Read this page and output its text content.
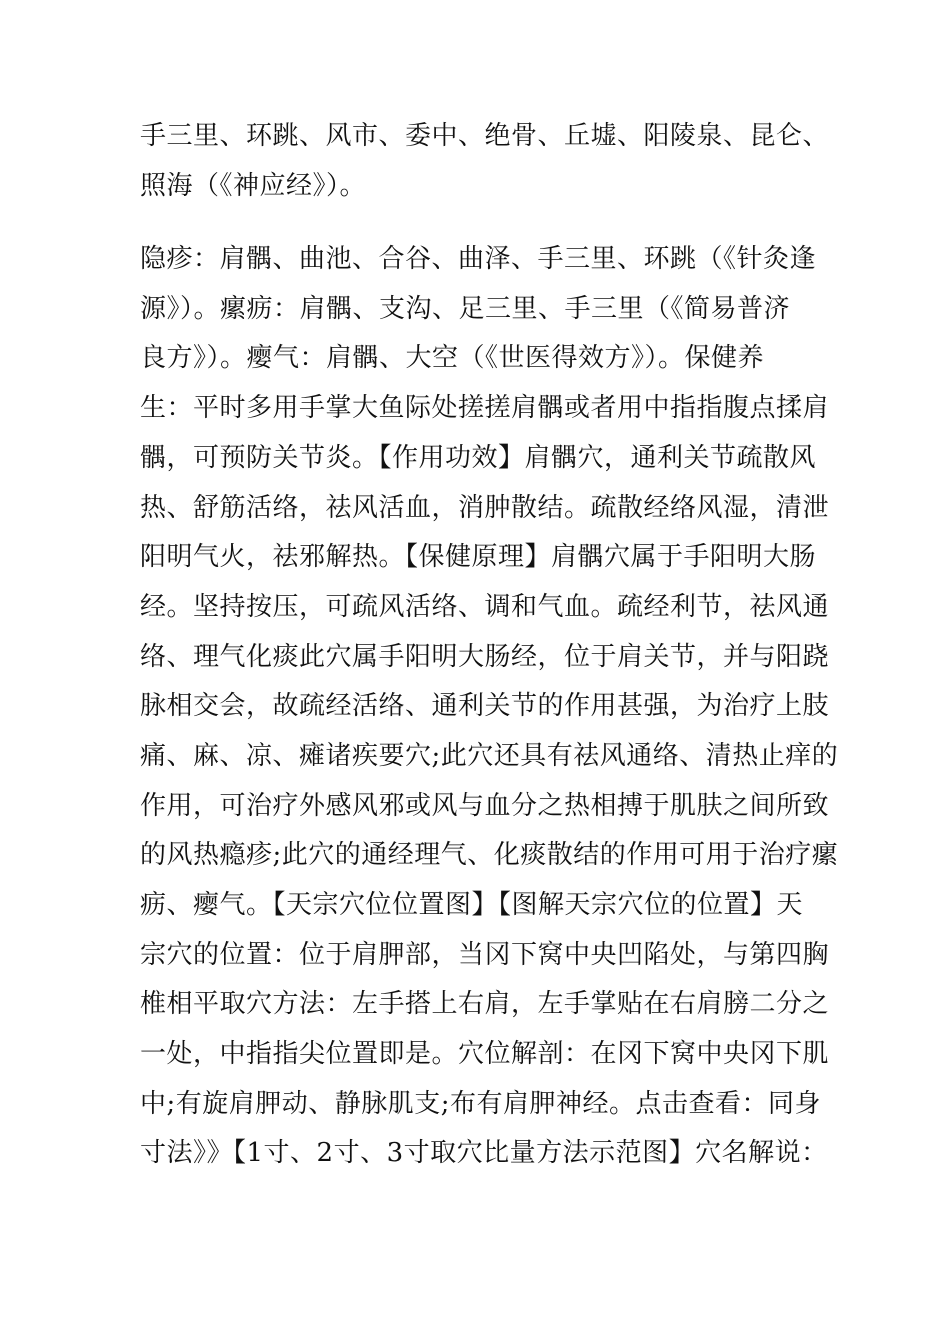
手三里、环跳、风市、委中、绝骨、丘墟、阳陵泉、昆仑、
照海（《神应经》）。
隐疹：肩髃、曲池、合谷、曲泽、手三里、环跳（《针灸逢
源》）。瘰疬：肩髃、支沟、足三里、手三里（《简易普济
良方》）。瘿气：肩髃、大空（《世医得效方》）。保健养
生：平时多用手掌大鱼际处搓搓肩髃或者用中指指腹点揉肩
髃，可预防关节炎。【作用功效】肩髃穴，通利关节疏散风
热、舒筋活络，祛风活血，消肿散结。疏散经络风湿，清泄
阳明气火，祛邪解热。【保健原理】肩髃穴属于手阳明大肠
经。坚持按压，可疏风活络、调和气血。疏经利节，祛风通
络、理气化痰此穴属手阳明大肠经，位于肩关节，并与阳跷
脉相交会，故疏经活络、通利关节的作用甚强，为治疗上肢
痛、麻、凉、瘫诸疾要穴;此穴还具有祛风通络、清热止痒的
作用，可治疗外感风邪或风与血分之热相搏于肌肤之间所致
的风热瘾疹;此穴的通经理气、化痰散结的作用可用于治疗瘰
疬、瘿气。【天宗穴位位置图】【图解天宗穴位的位置】天
宗穴的位置：位于肩胛部，当冈下窝中央凹陷处，与第四胸
椎相平取穴方法：左手搭上右肩，左手掌贴在右肩膀二分之
一处，中指指尖位置即是。穴位解剖：在冈下窝中央冈下肌
中;有旋肩胛动、静脉肌支;布有肩胛神经。点击查看：同身
寸法》》【1寸、2寸、3寸取穴比量方法示范图】穴名解说：
